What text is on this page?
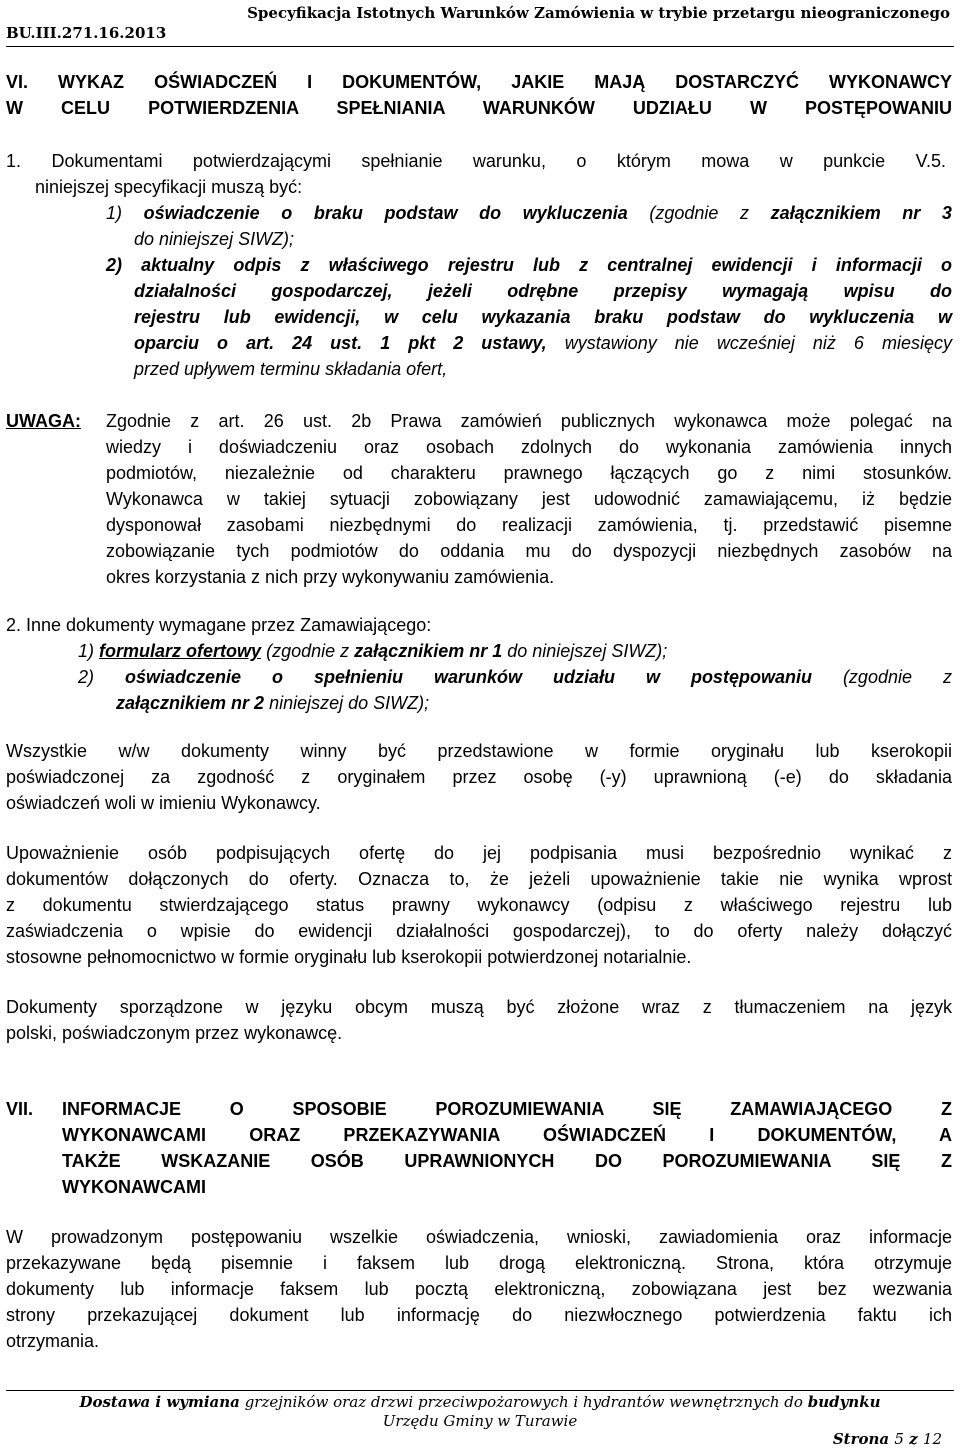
Specyfikacja Istotnych Warunków Zamówienia w trybie przetargu nieograniczonego
BU.III.271.16.2013
VI. WYKAZ OŚWIADCZEŃ I DOKUMENTÓW, JAKIE MAJĄ DOSTARCZYĆ WYKONAWCY
W CELU POTWIERDZENIA SPEŁNIANIA WARUNKÓW UDZIAŁU W POSTĘPOWANIU
1. Dokumentami potwierdzającymi spełnianie warunku, o którym mowa w punkcie V.5.
niniejszej specyfikacji muszą być:
1) oświadczenie o braku podstaw do wykluczenia (zgodnie z załącznikiem nr 3
do niniejszej SIWZ);
2) aktualny odpis z właściwego rejestru lub z centralnej ewidencji i informacji o
działalności gospodarczej, jeżeli odrębne przepisy wymagają wpisu do
rejestru lub ewidencji, w celu wykazania braku podstaw do wykluczenia w
oparciu o art. 24 ust. 1 pkt 2 ustawy, wystawiony nie wcześniej niż 6 miesięcy
przed upływem terminu składania ofert,
UWAGA: Zgodnie z art. 26 ust. 2b Prawa zamówień publicznych wykonawca może polegać na
wiedzy i doświadczeniu oraz osobach zdolnych do wykonania zamówienia innych
podmiotów, niezależnie od charakteru prawnego łączących go z nimi stosunków.
Wykonawca w takiej sytuacji zobowiązany jest udowodnić zamawiającemu, iż będzie
dysponował zasobami niezbędnymi do realizacji zamówienia, tj. przedstawić pisemne
zobowiązanie tych podmiotów do oddania mu do dyspozycji niezbędnych zasobów na
okres korzystania z nich przy wykonywaniu zamówienia.
2. Inne dokumenty wymagane przez Zamawiającego:
1) formularz ofertowy (zgodnie z załącznikiem nr 1 do niniejszej SIWZ);
2) oświadczenie o spełnieniu warunków udziału w postępowaniu (zgodnie z
załącznikiem nr 2 niniejszej do SIWZ);
Wszystkie w/w dokumenty winny być przedstawione w formie oryginału lub kserokopii
poświadczonej za zgodność z oryginałem przez osobę (-y) uprawnioną (-e) do składania
oświadczeń woli w imieniu Wykonawcy.
Upoważnienie osób podpisujących ofertę do jej podpisania musi bezpośrednio wynikać z
dokumentów dołączonych do oferty. Oznacza to, że jeżeli upoważnienie takie nie wynika wprost
z dokumentu stwierdzającego status prawny wykonawcy (odpisu z właściwego rejestru lub
zaświadczenia o wpisie do ewidencji działalności gospodarczej), to do oferty należy dołączyć
stosowne pełnomocnictwo w formie oryginału lub kserokopii potwierdzonej notarialnie.
Dokumenty sporządzone w języku obcym muszą być złożone wraz z tłumaczeniem na język
polski, poświadczonym przez wykonawcę.
VII. INFORMACJE O SPOSOBIE POROZUMIEWANIA SIĘ ZAMAWIAJĄCEGO Z
WYKONAWCAMI ORAZ PRZEKAZYWANIA OŚWIADCZEŃ I DOKUMENTÓW, A
TAKŻE WSKAZANIE OSÓB UPRAWNIONYCH DO POROZUMIEWANIA SIĘ Z
WYKONAWCAMI
W prowadzonym postępowaniu wszelkie oświadczenia, wnioski, zawiadomienia oraz informacje
przekazywane będą pisemnie i faksem lub drogą elektroniczną. Strona, która otrzymuje
dokumenty lub informacje faksem lub pocztą elektroniczną, zobowiązana jest bez wezwania
strony przekazującej dokument lub informację do niezwłocznego potwierdzenia faktu ich
otrzymania.
Dostawa i wymiana grzejników oraz drzwi przeciwpożarowych i hydrantów wewnętrznych do budynku
Urzędu Gminy w Turawie
Strona 5 z 12
